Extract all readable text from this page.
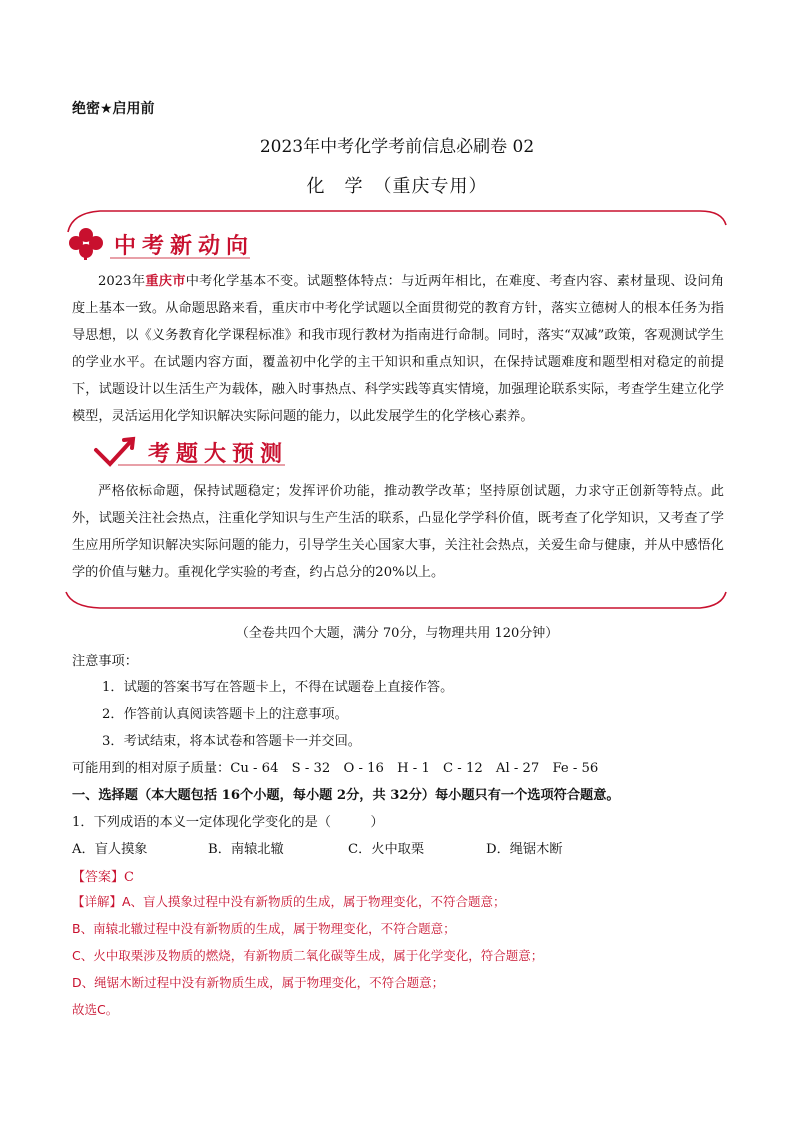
绝密★启用前
2023年中考化学考前信息必刷卷 02
化　学　（重庆专用）
中考新动向
2023年重庆市中考化学基本不变。试题整体特点：与近两年相比，在难度、考查内容、素材量现、设问角度上基本一致。从命题思路来看，重庆市中考化学试题以全面贯彻党的教育方针，落实立德树人的根本任务为指导思想，以《义务教育化学课程标准》和我市现行教材为指南进行命制。同时，落实“双减”政策，客观测试学生的学业水平。在试题内容方面，覆盖初中化学的主干知识和重点知识，在保持试题难度和题型相对稳定的前提下，试题设计以生活生产为载体，融入时事热点、科学实践等真实情境，加强理论联系实际，考查学生建立化学模型，灵活运用化学知识解决实际问题的能力，以此发展学生的化学核心素养。
考题大预测
严格依标命题，保持试题稳定；发挥评价功能，推动教学改革；坚持原创试题，力求守正创新等特点。此外，试题关注社会热点，注重化学知识与生产生活的联系，凸显化学学科价值，既考查了化学知识，又考查了学生应用所学知识解决实际问题的能力，引导学生关心国家大事，关注社会热点，关爱生命与健康，并从中感悟化学的价值与魅力。重视化学实验的考查，约占总分的20%以上。
（全卷共四个大题，满分 70分，与物理共用 120分钟）
注意事项：
1．试题的答案书写在答题卡上，不得在试题卷上直接作答。
2．作答前认真阅读答题卡上的注意事项。
3．考试结束，将本试卷和答题卡一并交回。
可能用到的相对原子质量：Cu - 64　S - 32　O - 16　H - 1　C - 12　Al - 27　Fe - 56
一、选择题（本大题包括 16个小题，每小题 2分，共 32分）每小题只有一个选项符合题意。
1．下列成语的本义一定体现化学变化的是（　　　）
A．盲人摸象	B．南辕北辙	C．火中取栗	D．绳锯木断
【答案】C
【详解】A、盲人摸象过程中没有新物质的生成，属于物理变化，不符合题意；
B、南辕北辙过程中没有新物质的生成，属于物理变化，不符合题意；
C、火中取栗涉及物质的燃烧，有新物质二氧化碳等生成，属于化学变化，符合题意；
D、绳锯木断过程中没有新物质生成，属于物理变化，不符合题意；
故选C。
